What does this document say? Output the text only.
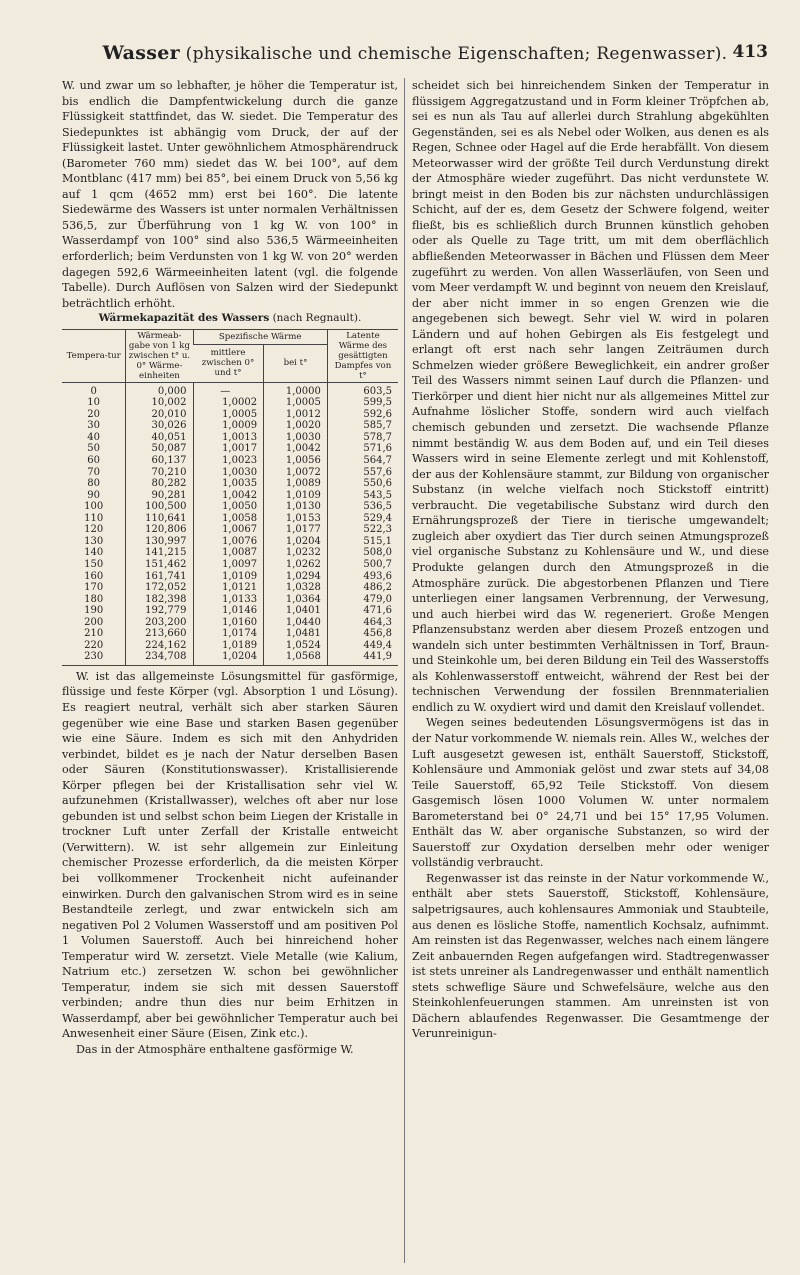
Wasser (physikalische und chemische Eigenschaften; Regenwasser). 413

W. und zwar um so lebhafter, je höher die Temperatur ist, bis endlich die Dampfentwickelung durch die ganze Flüssigkeit stattfindet, das W. siedet. Die Temperatur des Siedepunktes ist abhängig vom Druck, der auf der Flüssigkeit lastet. Unter gewöhnlichem Atmosphärendruck (Barometer 760 mm) siedet das W. bei 100°, auf dem Montblanc (417 mm) bei 85°, bei einem Druck von 5,56 kg auf 1 qcm (4652 mm) erst bei 160°. Die latente Siedewärme des Wassers ist unter normalen Verhältnissen 536,5, zur Überführung von 1 kg W. von 100° in Wasserdampf von 100° sind also 536,5 Wärmeeinheiten erforderlich; beim Verdunsten von 1 kg W. von 20° werden dagegen 592,6 Wärmeeinheiten latent (vgl. die folgende Tabelle). Durch Auflösen von Salzen wird der Siedepunkt beträchtlich erhöht.

Wärmekapazität des Wassers (nach Regnault).
Tempera-tur	Wärmeab-gabe von 1 kg zwischen t° u. 0° Wärme-einheiten	Spezifische Wärme		Latente Wärme des gesättigten Dampfes von t°
		mittlere zwischen 0° und t°	bei t°	
0	0,000	—	1,0000	603,5
10	10,002	1,0002	1,0005	599,5
20	20,010	1,0005	1,0012	592,6
30	30,026	1,0009	1,0020	585,7
40	40,051	1,0013	1,0030	578,7
50	50,087	1,0017	1,0042	571,6
60	60,137	1,0023	1,0056	564,7
70	70,210	1,0030	1,0072	557,6
80	80,282	1,0035	1,0089	550,6
90	90,281	1,0042	1,0109	543,5
100	100,500	1,0050	1,0130	536,5
110	110,641	1,0058	1,0153	529,4
120	120,806	1,0067	1,0177	522,3
130	130,997	1,0076	1,0204	515,1
140	141,215	1,0087	1,0232	508,0
150	151,462	1,0097	1,0262	500,7
160	161,741	1,0109	1,0294	493,6
170	172,052	1,0121	1,0328	486,2
180	182,398	1,0133	1,0364	479,0
190	192,779	1,0146	1,0401	471,6
200	203,200	1,0160	1,0440	464,3
210	213,660	1,0174	1,0481	456,8
220	224,162	1,0189	1,0524	449,4
230	234,708	1,0204	1,0568	441,9

W. ist das allgemeinste Lösungsmittel für gasförmige, flüssige und feste Körper (vgl. Absorption 1 und Lösung). Es reagiert neutral, verhält sich aber starken Säuren gegenüber wie eine Base und starken Basen gegenüber wie eine Säure. Indem es sich mit den Anhydriden verbindet, bildet es je nach der Natur derselben Basen oder Säuren (Konstitutionswasser). Kristallisierende Körper pflegen bei der Kristallisation sehr viel W. aufzunehmen (Kristallwasser), welches oft aber nur lose gebunden ist und selbst schon beim Liegen der Kristalle in trockner Luft unter Zerfall der Kristalle entweicht (Verwittern). W. ist sehr allgemein zur Einleitung chemischer Prozesse erforderlich, da die meisten Körper bei vollkommener Trockenheit nicht aufeinander einwirken. Durch den galvanischen Strom wird es in seine Bestandteile zerlegt, und zwar entwickeln sich am negativen Pol 2 Volumen Wasserstoff und am positiven Pol 1 Volumen Sauerstoff. Auch bei hinreichend hoher Temperatur wird W. zersetzt. Viele Metalle (wie Kalium, Natrium etc.) zersetzen W. schon bei gewöhnlicher Temperatur, indem sie sich mit dessen Sauerstoff verbinden; andre thun dies nur beim Erhitzen in Wasserdampf, aber bei gewöhnlicher Temperatur auch bei Anwesenheit einer Säure (Eisen, Zink etc.).

Das in der Atmosphäre enthaltene gasförmige W.

scheidet sich bei hinreichendem Sinken der Temperatur in flüssigem Aggregatzustand und in Form kleiner Tröpfchen ab, sei es nun als Tau auf allerlei durch Strahlung abgekühlten Gegenständen, sei es als Nebel oder Wolken, aus denen es als Regen, Schnee oder Hagel auf die Erde herabfällt. Von diesem Meteorwasser wird der größte Teil durch Verdunstung direkt der Atmosphäre wieder zugeführt. Das nicht verdunstete W. bringt meist in den Boden bis zur nächsten undurchlässigen Schicht, auf der es, dem Gesetz der Schwere folgend, weiter fließt, bis es schließlich durch Brunnen künstlich gehoben oder als Quelle zu Tage tritt, um mit dem oberflächlich abfließenden Meteorwasser in Bächen und Flüssen dem Meer zugeführt zu werden. Von allen Wasserläufen, von Seen und vom Meer verdampft W. und beginnt von neuem den Kreislauf, der aber nicht immer in so engen Grenzen wie die angegebenen sich bewegt. Sehr viel W. wird in polaren Ländern und auf hohen Gebirgen als Eis festgelegt und erlangt oft erst nach sehr langen Zeiträumen durch Schmelzen wieder größere Beweglichkeit, ein andrer großer Teil des Wassers nimmt seinen Lauf durch die Pflanzen- und Tierkörper und dient hier nicht nur als allgemeines Mittel zur Aufnahme löslicher Stoffe, sondern wird auch vielfach chemisch gebunden und zersetzt. Die wachsende Pflanze nimmt beständig W. aus dem Boden auf, und ein Teil dieses Wassers wird in seine Elemente zerlegt und mit Kohlenstoff, der aus der Kohlensäure stammt, zur Bildung von organischer Substanz (in welche vielfach noch Stickstoff eintritt) verbraucht. Die vegetabilische Substanz wird durch den Ernährungsprozeß der Tiere in tierische umgewandelt; zugleich aber oxydiert das Tier durch seinen Atmungsprozeß viel organische Substanz zu Kohlensäure und W., und diese Produkte gelangen durch den Atmungsprozeß in die Atmosphäre zurück. Die abgestorbenen Pflanzen und Tiere unterliegen einer langsamen Verbrennung, der Verwesung, und auch hierbei wird das W. regeneriert. Große Mengen Pflanzensubstanz werden aber diesem Prozeß entzogen und wandeln sich unter bestimmten Verhältnissen in Torf, Braun- und Steinkohle um, bei deren Bildung ein Teil des Wasserstoffs als Kohlenwasserstoff entweicht, während der Rest bei der technischen Verwendung der fossilen Brennmaterialien endlich zu W. oxydiert wird und damit den Kreislauf vollendet.

Wegen seines bedeutenden Lösungsvermögens ist das in der Natur vorkommende W. niemals rein. Alles W., welches der Luft ausgesetzt gewesen ist, enthält Sauerstoff, Stickstoff, Kohlensäure und Ammoniak gelöst und zwar stets auf 34,08 Teile Sauerstoff, 65,92 Teile Stickstoff. Von diesem Gasgemisch lösen 1000 Volumen W. unter normalem Barometerstand bei 0° 24,71 und bei 15° 17,95 Volumen. Enthält das W. aber organische Substanzen, so wird der Sauerstoff zur Oxydation derselben mehr oder weniger vollständig verbraucht.

Regenwasser ist das reinste in der Natur vorkommende W., enthält aber stets Sauerstoff, Stickstoff, Kohlensäure, salpetrigsaures, auch kohlensaures Ammoniak und Staubteile, aus denen es lösliche Stoffe, namentlich Kochsalz, aufnimmt. Am reinsten ist das Regenwasser, welches nach einem längere Zeit anbauernden Regen aufgefangen wird. Stadtregenwasser ist stets unreiner als Landregenwasser und enthält namentlich stets schweflige Säure und Schwefelsäure, welche aus den Steinkohlenfeuerungen stammen. Am unreinsten ist von Dächern ablaufendes Regenwasser. Die Gesamtmenge der Verunreinigun-
